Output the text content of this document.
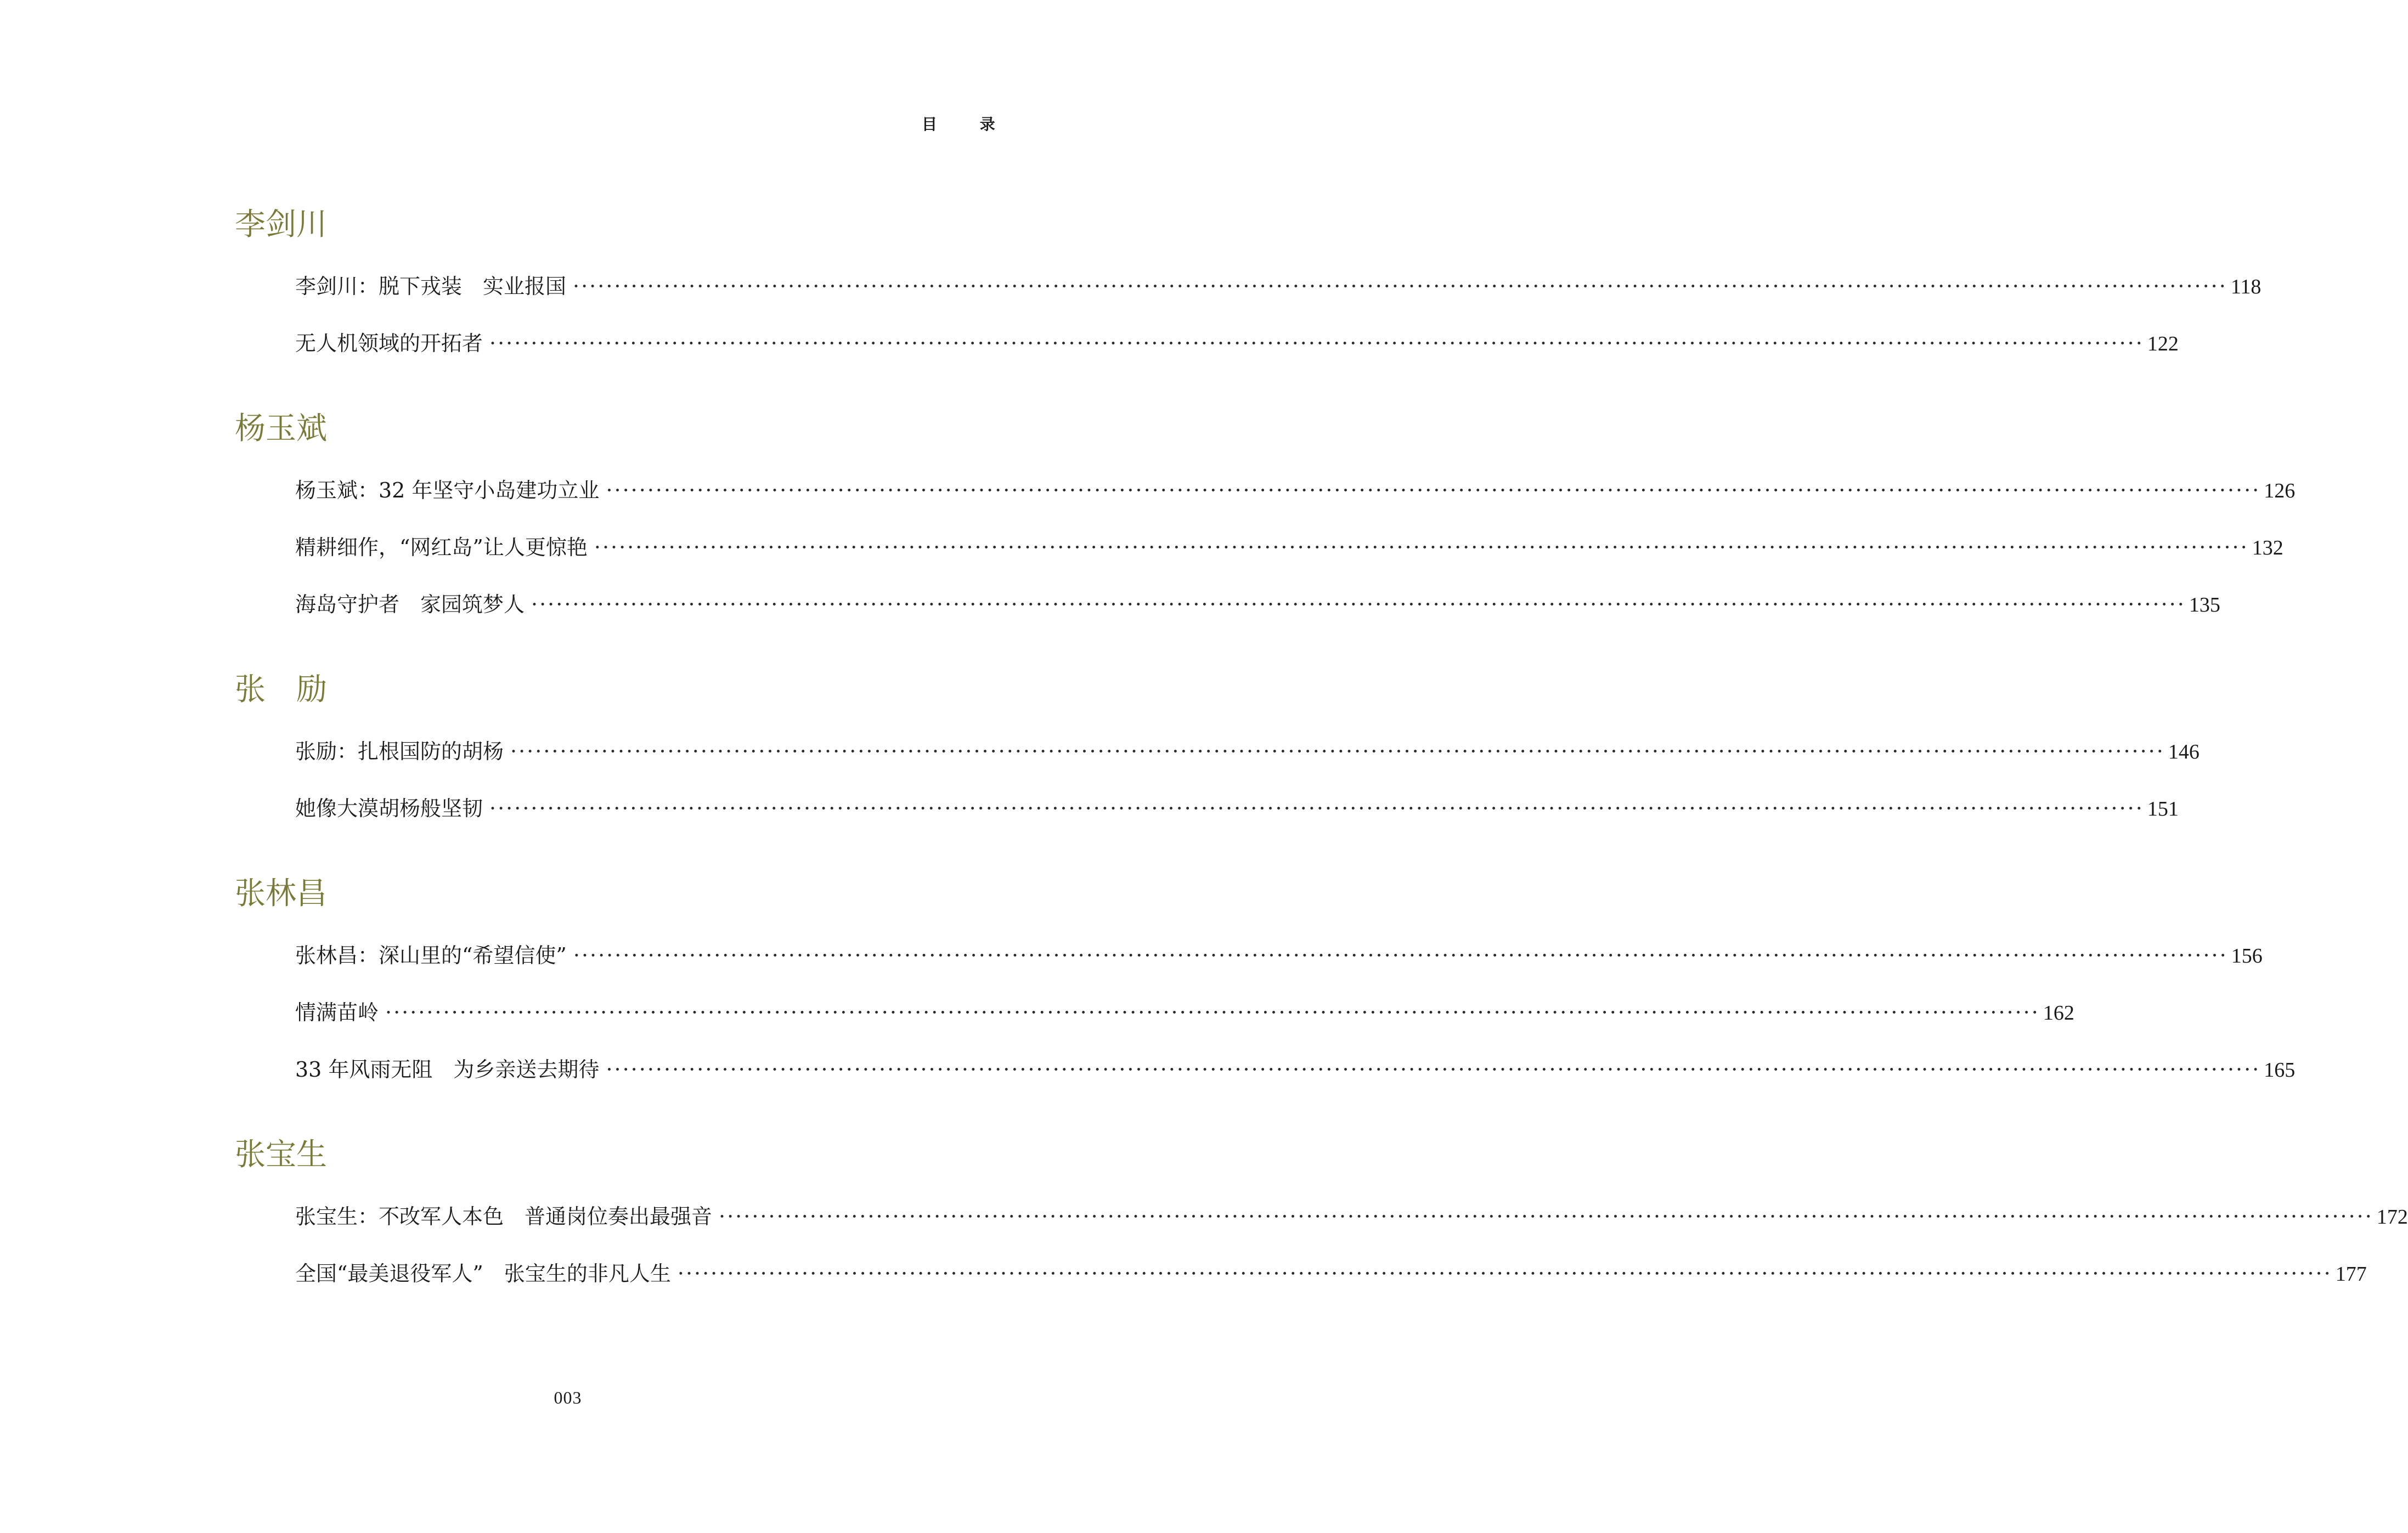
目 录
李剑川
李剑川：脱下戎装　实业报国 ········································································································································································································ 118
无人机领域的开拓者 ········································································································································································································ 122
杨玉斌
杨玉斌：32 年坚守小岛建功立业 ········································································································································································································ 126
精耕细作，“网红岛”让人更惊艳 ········································································································································································································ 132
海岛守护者　家园筑梦人 ········································································································································································································ 135
张　励
张励：扎根国防的胡杨 ········································································································································································································ 146
她像大漠胡杨般坚韧 ········································································································································································································ 151
张林昌
张林昌：深山里的“希望信使” ········································································································································································································ 156
情满苗岭 ········································································································································································································ 162
33 年风雨无阻　为乡亲送去期待 ········································································································································································································ 165
张宝生
张宝生：不改军人本色　普通岗位奏出最强音 ········································································································································································································ 172
全国“最美退役军人”　张宝生的非凡人生 ········································································································································································································ 177
003
